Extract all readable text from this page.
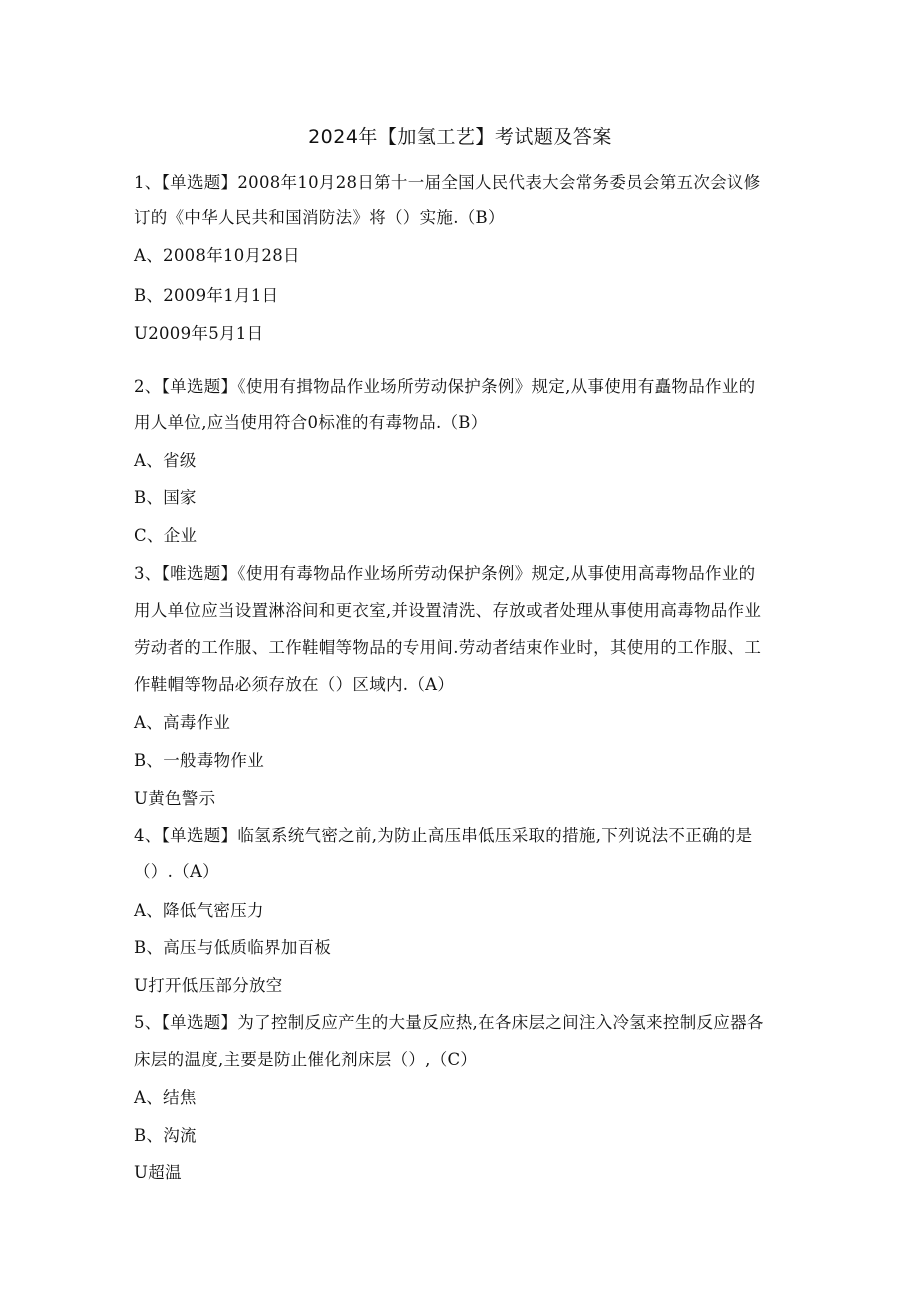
2024年【加氢工艺】考试题及答案
1、【单选题】2008年10月28日第十一届全国人民代表大会常务委员会第五次会议修
订的《中华人民共和国消防法》将（）实施.（B）
A、2008年10月28日
B、2009年1月1日
U2009年5月1日
2、【单选题】《使用有揖物品作业场所劳动保护条例》规定,从事使用有矗物品作业的
用人单位,应当使用符合0标准的有毒物品.（B）
A、省级
B、国家
C、企业
3、【唯选题】《使用有毒物品作业场所劳动保护条例》规定,从事使用高毒物品作业的
用人单位应当设置淋浴间和更衣室,并设置清洗、存放或者处理从事使用高毒物品作业
劳动者的工作服、工作鞋帽等物品的专用间.劳动者结束作业时，其使用的工作服、工
作鞋帽等物品必须存放在（）区域内.（A）
A、高毒作业
B、一般毒物作业
U黄色警示
4、【单选题】临氢系统气密之前,为防止高压串低压采取的措施,下列说法不正确的是
（）.（A）
A、降低气密压力
B、高压与低质临界加百板
U打开低压部分放空
5、【单选题】为了控制反应产生的大量反应热,在各床层之间注入冷氢来控制反应器各
床层的温度,主要是防止催化剂床层（）,（C）
A、结焦
B、沟流
U超温
